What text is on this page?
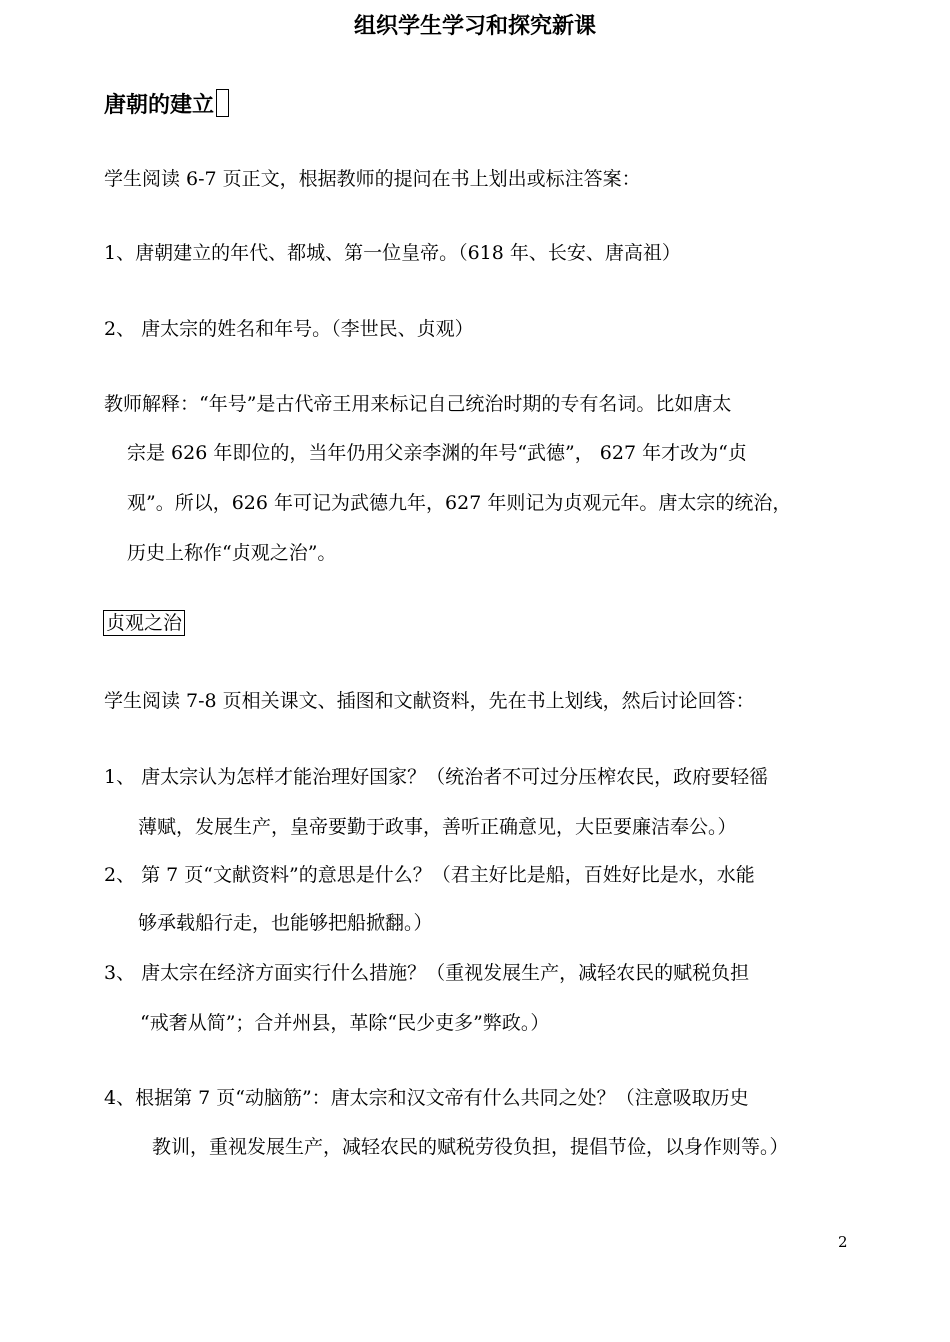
组织学生学习和探究新课
唐朝的建立
学生阅读 6-7 页正文，根据教师的提问在书上划出或标注答案：
1、唐朝建立的年代、都城、第一位皇帝。（618 年、长安、唐高祖）
2、 唐太宗的姓名和年号。（李世民、贞观）
教师解释：“年号”是古代帝王用来标记自己统治时期的专有名词。比如唐太
宗是 626 年即位的，当年仍用父亲李渊的年号“武德”， 627 年才改为“贞
观”。所以，626 年可记为武德九年，627 年则记为贞观元年。唐太宗的统治，
历史上称作“贞观之治”。
贞观之治
学生阅读 7-8 页相关课文、插图和文献资料，先在书上划线，然后讨论回答：
1、 唐太宗认为怎样才能治理好国家？（统治者不可过分压榨农民，政府要轻徭
薄赋，发展生产，皇帝要勤于政事，善听正确意见，大臣要廉洁奉公。）
2、 第 7 页“文献资料”的意思是什么？（君主好比是船，百姓好比是水，水能
够承载船行走，也能够把船掀翻。）
3、 唐太宗在经济方面实行什么措施？（重视发展生产，减轻农民的赋税负担
“戒奢从简”；合并州县，革除“民少吏多”弊政。）
4、根据第 7 页“动脑筋”：唐太宗和汉文帝有什么共同之处？（注意吸取历史
教训，重视发展生产，减轻农民的赋税劳役负担，提倡节俭，以身作则等。）
2
